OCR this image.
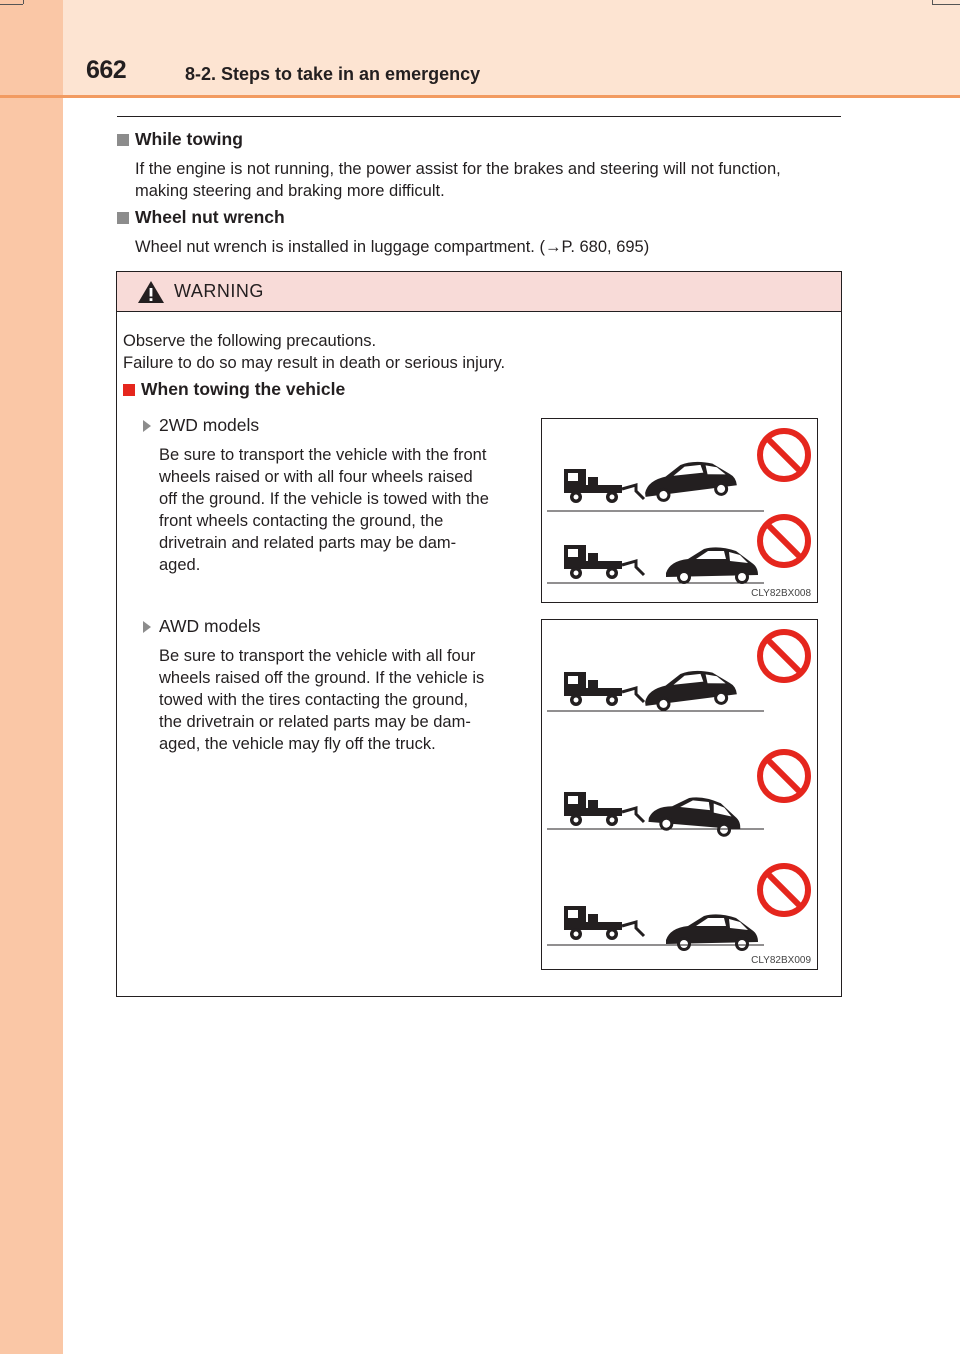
662	8-2. Steps to take in an emergency
While towing
If the engine is not running, the power assist for the brakes and steering will not function,
making steering and braking more difficult.
Wheel nut wrench
Wheel nut wrench is installed in luggage compartment. (→P. 680, 695)
WARNING
Observe the following precautions.
Failure to do so may result in death or serious injury.
When towing the vehicle
2WD models
Be sure to transport the vehicle with the front
wheels raised or with all four wheels raised
off the ground. If the vehicle is towed with the
front wheels contacting the ground, the
drivetrain and related parts may be dam-
aged.
CLY82BX008
AWD models
Be sure to transport the vehicle with all four
wheels raised off the ground. If the vehicle is
towed with the tires contacting the ground,
the drivetrain or related parts may be dam-
aged, the vehicle may fly off the truck.
CLY82BX009
